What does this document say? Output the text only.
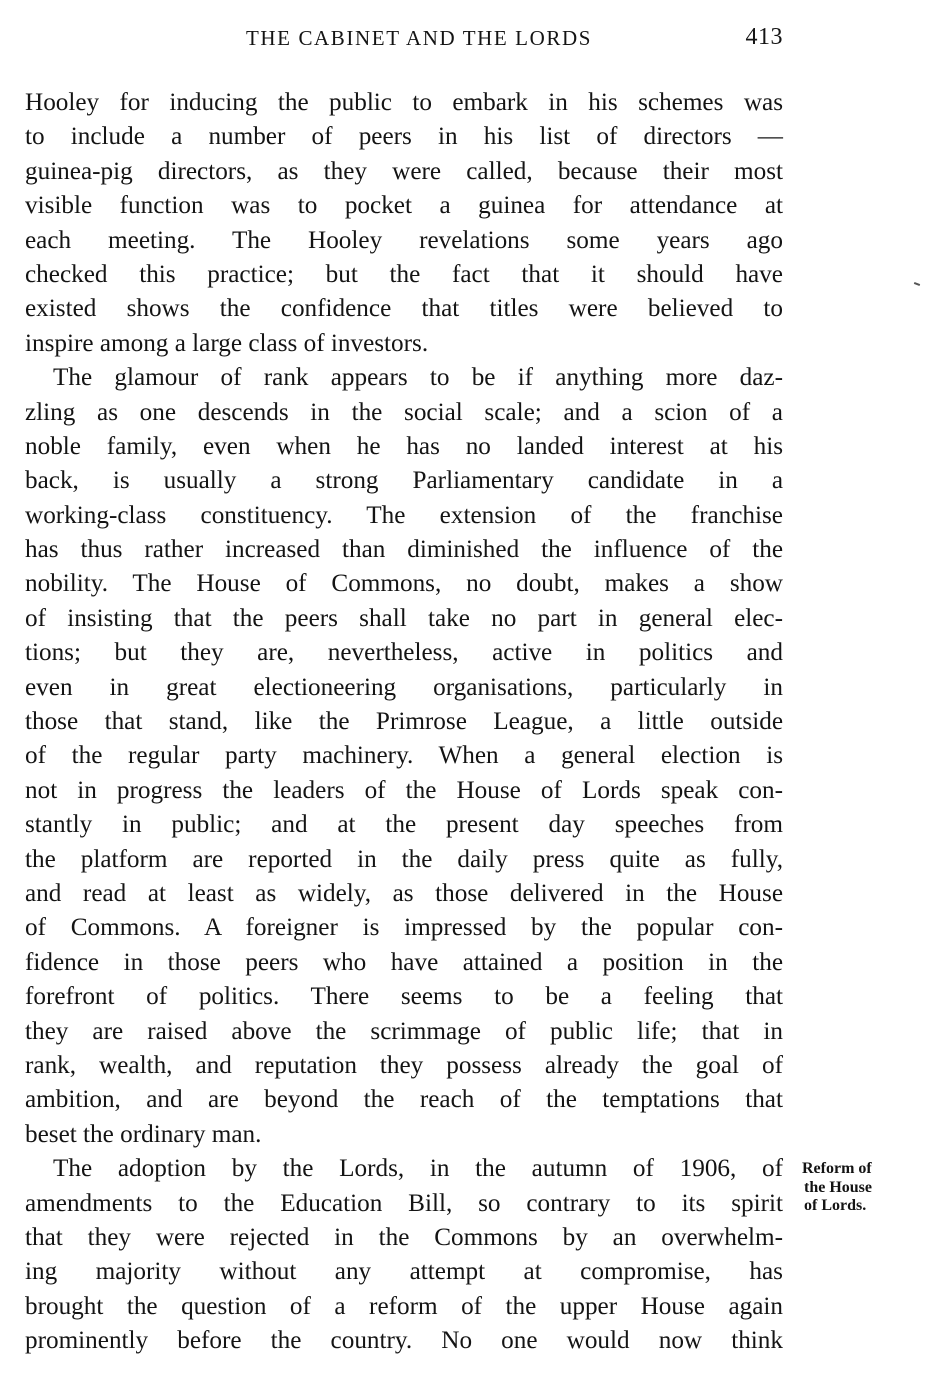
THE CABINET AND THE LORDS	413

Hooley for inducing the public to embark in his schemes was
to include a number of peers in his list of directors —
guinea-pig directors, as they were called, because their most
visible function was to pocket a guinea for attendance at
each meeting. The Hooley revelations some years ago
checked this practice; but the fact that it should have
existed shows the confidence that titles were believed to
inspire among a large class of investors.

The glamour of rank appears to be if anything more daz-
zling as one descends in the social scale; and a scion of a
noble family, even when he has no landed interest at his
back, is usually a strong Parliamentary candidate in a
working-class constituency. The extension of the franchise
has thus rather increased than diminished the influence of the
nobility. The House of Commons, no doubt, makes a show
of insisting that the peers shall take no part in general elec-
tions; but they are, nevertheless, active in politics and
even in great electioneering organisations, particularly in
those that stand, like the Primrose League, a little outside
of the regular party machinery. When a general election is
not in progress the leaders of the House of Lords speak con-
stantly in public; and at the present day speeches from
the platform are reported in the daily press quite as fully,
and read at least as widely, as those delivered in the House
of Commons. A foreigner is impressed by the popular con-
fidence in those peers who have attained a position in the
forefront of politics. There seems to be a feeling that
they are raised above the scrimmage of public life; that in
rank, wealth, and reputation they possess already the goal of
ambition, and are beyond the reach of the temptations that
beset the ordinary man.

The adoption by the Lords, in the autumn of 1906, of
amendments to the Education Bill, so contrary to its spirit
that they were rejected in the Commons by an overwhelm-
ing majority without any attempt at compromise, has
brought the question of a reform of the upper House again
prominently before the country. No one would now think

Reform of
the House
of Lords.
